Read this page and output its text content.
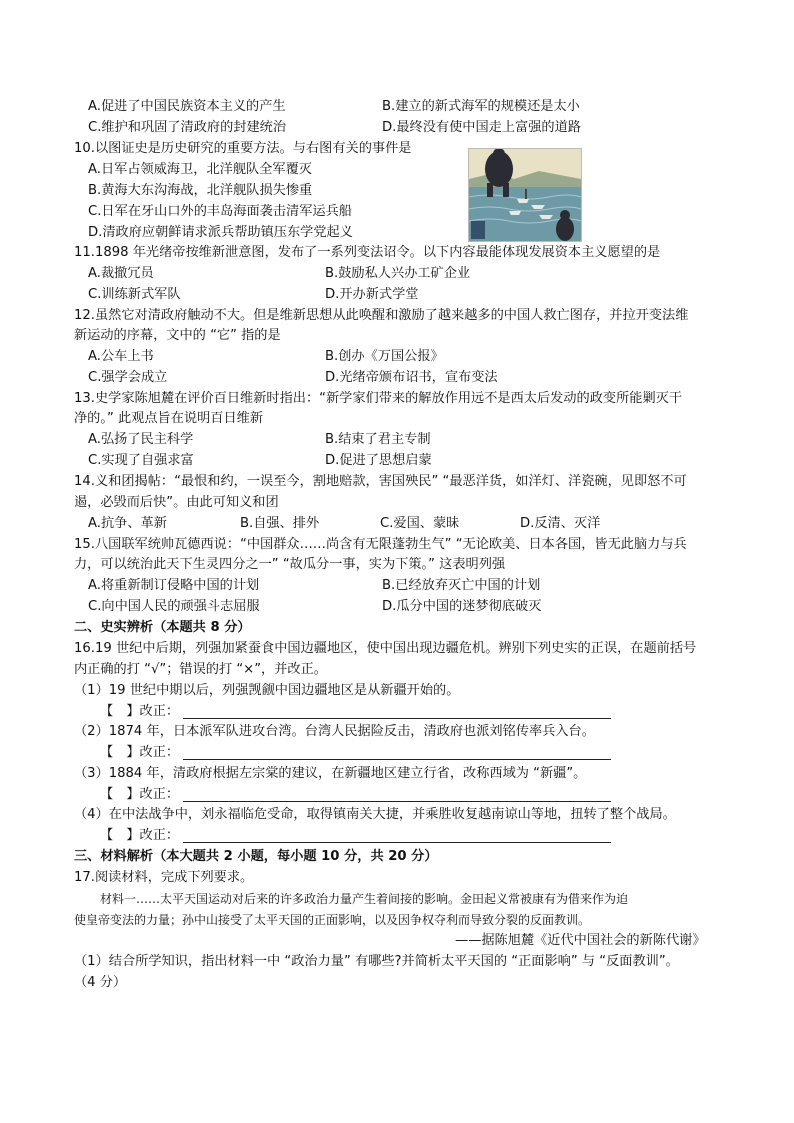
A.促进了中国民族资本主义的产生	B.建立的新式海军的规模还是太小
C.维护和巩固了清政府的封建统治	D.最终没有使中国走上富强的道路
10.以图证史是历史研究的重要方法。与右图有关的事件是
A.日军占领威海卫，北洋舰队全军覆灭
B.黄海大东沟海战，北洋舰队损失惨重
C.日军在牙山口外的丰岛海面袭击清军运兵船
D.清政府应朝鲜请求派兵帮助镇压东学党起义
11.1898 年光绪帝按维新泄意图，发布了一系列变法诏令。以下内容最能体现发展资本主义愿望的是
A.裁撤冗员	B.鼓励私人兴办工矿企业
C.训练新式军队	D.开办新式学堂
12.虽然它对清政府触动不大。但是维新思想从此唤醒和激励了越来越多的中国人救亡图存，并拉开变法维
新运动的序幕，文中的 “它” 指的是
A.公车上书	B.创办《万国公报》
C.强学会成立	D.光绪帝颁布诏书，宣布变法
13.史学家陈旭麓在评价百日维新时指出：“新学家们带来的解放作用远不是西太后发动的政变所能剿灭干
净的。” 此观点旨在说明百日维新
A.弘扬了民主科学	B.结束了君主专制
C.实现了自强求富	D.促进了思想启蒙
14.义和团揭帖：“最恨和约，一误至今，割地赔款，害国殃民” “最恶洋货，如洋灯、洋瓷碗，见即怒不可
遏，必毁而后快”。由此可知义和团
A.抗争、革新	B.自强、排外	C.爱国、蒙昧	D.反清、灭洋
15.八国联军统帅瓦德西说：“中国群众……尚含有无限蓬勃生气” “无论欧美、日本各国，皆无此脑力与兵
力，可以统治此天下生灵四分之一” “故瓜分一事，实为下策。” 这表明列强
A.将重新制订侵略中国的计划	B.已经放弃灭亡中国的计划
C.向中国人民的顽强斗志屈服	D.瓜分中国的迷梦彻底破灭
二、史实辨析（本题共 8 分）
16.19 世纪中后期，列强加紧蚕食中国边疆地区，使中国出现边疆危机。辨别下列史实的正误，在题前括号
内正确的打 “√”；错误的打 “×”，并改正。
（1）19 世纪中期以后，列强觊觎中国边疆地区是从新疆开始的。
【　】改正：
（2）1874 年，日本派军队进攻台湾。台湾人民据险反击，清政府也派刘铭传率兵入台。
【　】改正：
（3）1884 年，清政府根据左宗棠的建议，在新疆地区建立行省，改称西域为 “新疆”。
【　】改正：
（4）在中法战争中，刘永福临危受命，取得镇南关大捷，并乘胜收复越南谅山等地，扭转了整个战局。
【　】改正：
三、材料解析（本大题共 2 小题，每小题 10 分，共 20 分）
17.阅读材料，完成下列要求。
材料一……太平天国运动对后来的许多政治力量产生着间接的影响。金田起义常被康有为借来作为迫
使皇帝变法的力量；孙中山接受了太平天国的正面影响，以及因争权夺利而导致分裂的反面教训。
——据陈旭麓《近代中国社会的新陈代谢》
（1）结合所学知识，指出材料一中 “政治力量” 有哪些?并简析太平天国的 “正面影响” 与 “反面教训”。
（4 分）
